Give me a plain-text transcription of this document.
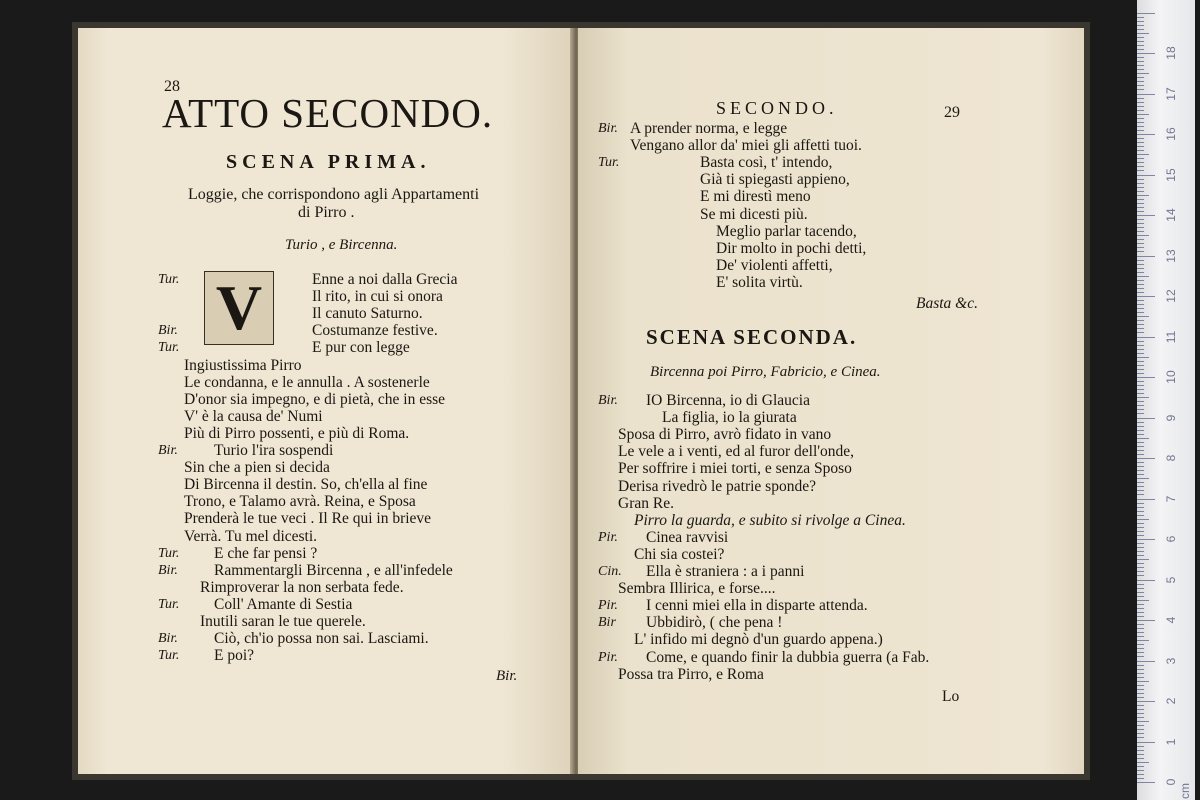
28
ATTO SECONDO.
SCENA PRIMA.
Loggie, che corrispondono agli Appartamenti
di Pirro .
Turio , e Bircenna.
V
Tur.	Enne a noi dalla Grecia
Il rito, in cui si onora
Il canuto Saturno.
Bir.	Costumanze festive.
Tur.	E pur con legge
Ingiustissima Pirro
Le condanna, e le annulla . A sostenerle
D'onor sia impegno, e di pietà, che in esse
V' è la causa de' Numi
Più di Pirro possenti, e più di Roma.
Bir. Turio l'ira sospendi
Sin che a pien si decida
Di Bircenna il destin. So, ch'ella al fine
Trono, e Talamo avrà. Reina, e Sposa
Prenderà le tue veci . Il Re qui in brieve
Verrà. Tu mel dicesti.
Tur. E che far pensi ?
Bir. Rammentargli Bircenna , e all'infedele
Rimproverar la non serbata fede.
Tur. Coll' Amante di Sestia
Inutili saran le tue querele.
Bir. Ciò, ch'io possa non sai. Lasciami.
Tur. E poi?
Bir.
SECONDO.	29
Bir. A prender norma, e legge
Vengano allor da' miei gli affetti tuoi.
Tur.	Basta così, t' intendo,
Già ti spiegasti appieno,
E mi direstì meno
Se mi dicesti più.
Meglio parlar tacendo,
Dir molto in pochi detti,
De' violenti affetti,
E' solita virtù.
Basta &c.
SCENA SECONDA.
Bircenna poi Pirro, Fabricio, e Cinea.
Bir. IO Bircenna, io di Glaucia
La figlia, io la giurata
Sposa di Pirro, avrò fidato in vano
Le vele a i venti, ed al furor dell'onde,
Per soffrire i miei torti, e senza Sposo
Derisa rivedrò le patrie sponde?
Gran Re.
Pirro la guarda, e subito si rivolge a Cinea.
Pir. Cinea ravvisi
Chi sia costei?
Cin. Ella è straniera : a i panni
Sembra Illirica, e forse....
Pir. I cenni miei ella in disparte attenda.
Bir Ubbidirò, ( che pena !
L' infido mi degnò d'un guardo appena.)
Pir. Come, e quando finir la dubbia guerra (a Fab.
Possa tra Pirro, e Roma
Lo
0
1
2
3
4
5
6
7
8
9
10
11
12
13
14
15
16
17
18
cm
